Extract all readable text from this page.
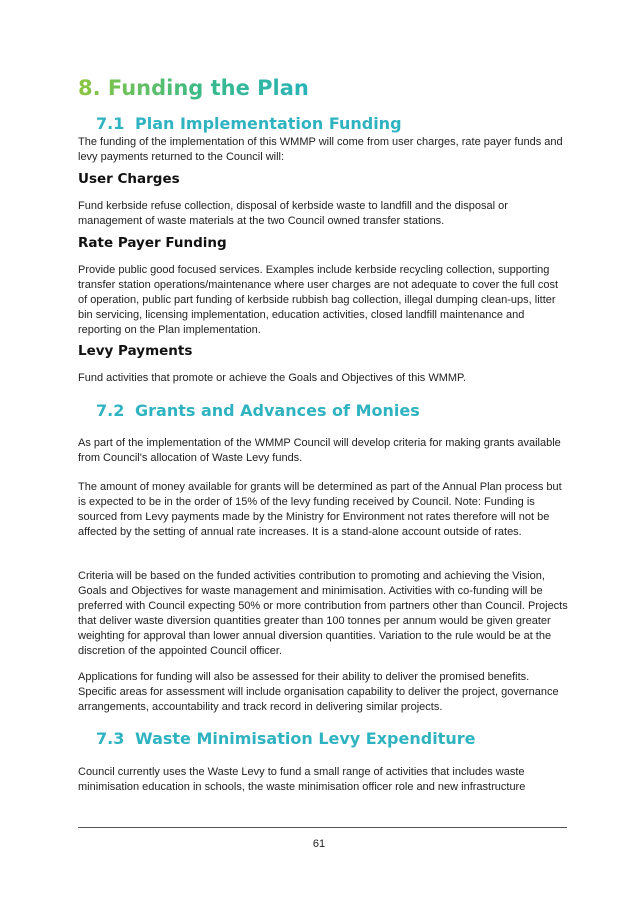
8. Funding the Plan
7.1 Plan Implementation Funding

The funding of the implementation of this WMMP will come from user charges, rate payer funds and levy payments returned to the Council will:

User Charges

Fund kerbside refuse collection, disposal of kerbside waste to landfill and the disposal or management of waste materials at the two Council owned transfer stations.

Rate Payer Funding

Provide public good focused services. Examples include kerbside recycling collection, supporting transfer station operations/maintenance where user charges are not adequate to cover the full cost of operation, public part funding of kerbside rubbish bag collection, illegal dumping clean-ups, litter bin servicing, licensing implementation, education activities, closed landfill maintenance and reporting on the Plan implementation.

Levy Payments

Fund activities that promote or achieve the Goals and Objectives of this WMMP.

7.2 Grants and Advances of Monies

As part of the implementation of the WMMP Council will develop criteria for making grants available from Council's allocation of Waste Levy funds.

The amount of money available for grants will be determined as part of the Annual Plan process but is expected to be in the order of 15% of the levy funding received by Council. Note: Funding is sourced from Levy payments made by the Ministry for Environment not rates therefore will not be affected by the setting of annual rate increases. It is a stand-alone account outside of rates.

Criteria will be based on the funded activities contribution to promoting and achieving the Vision, Goals and Objectives for waste management and minimisation. Activities with co-funding will be preferred with Council expecting 50% or more contribution from partners other than Council. Projects that deliver waste diversion quantities greater than 100 tonnes per annum would be given greater weighting for approval than lower annual diversion quantities. Variation to the rule would be at the discretion of the appointed Council officer.

Applications for funding will also be assessed for their ability to deliver the promised benefits. Specific areas for assessment will include organisation capability to deliver the project, governance arrangements, accountability and track record in delivering similar projects.

7.3 Waste Minimisation Levy Expenditure

Council currently uses the Waste Levy to fund a small range of activities that includes waste minimisation education in schools, the waste minimisation officer role and new infrastructure

61
